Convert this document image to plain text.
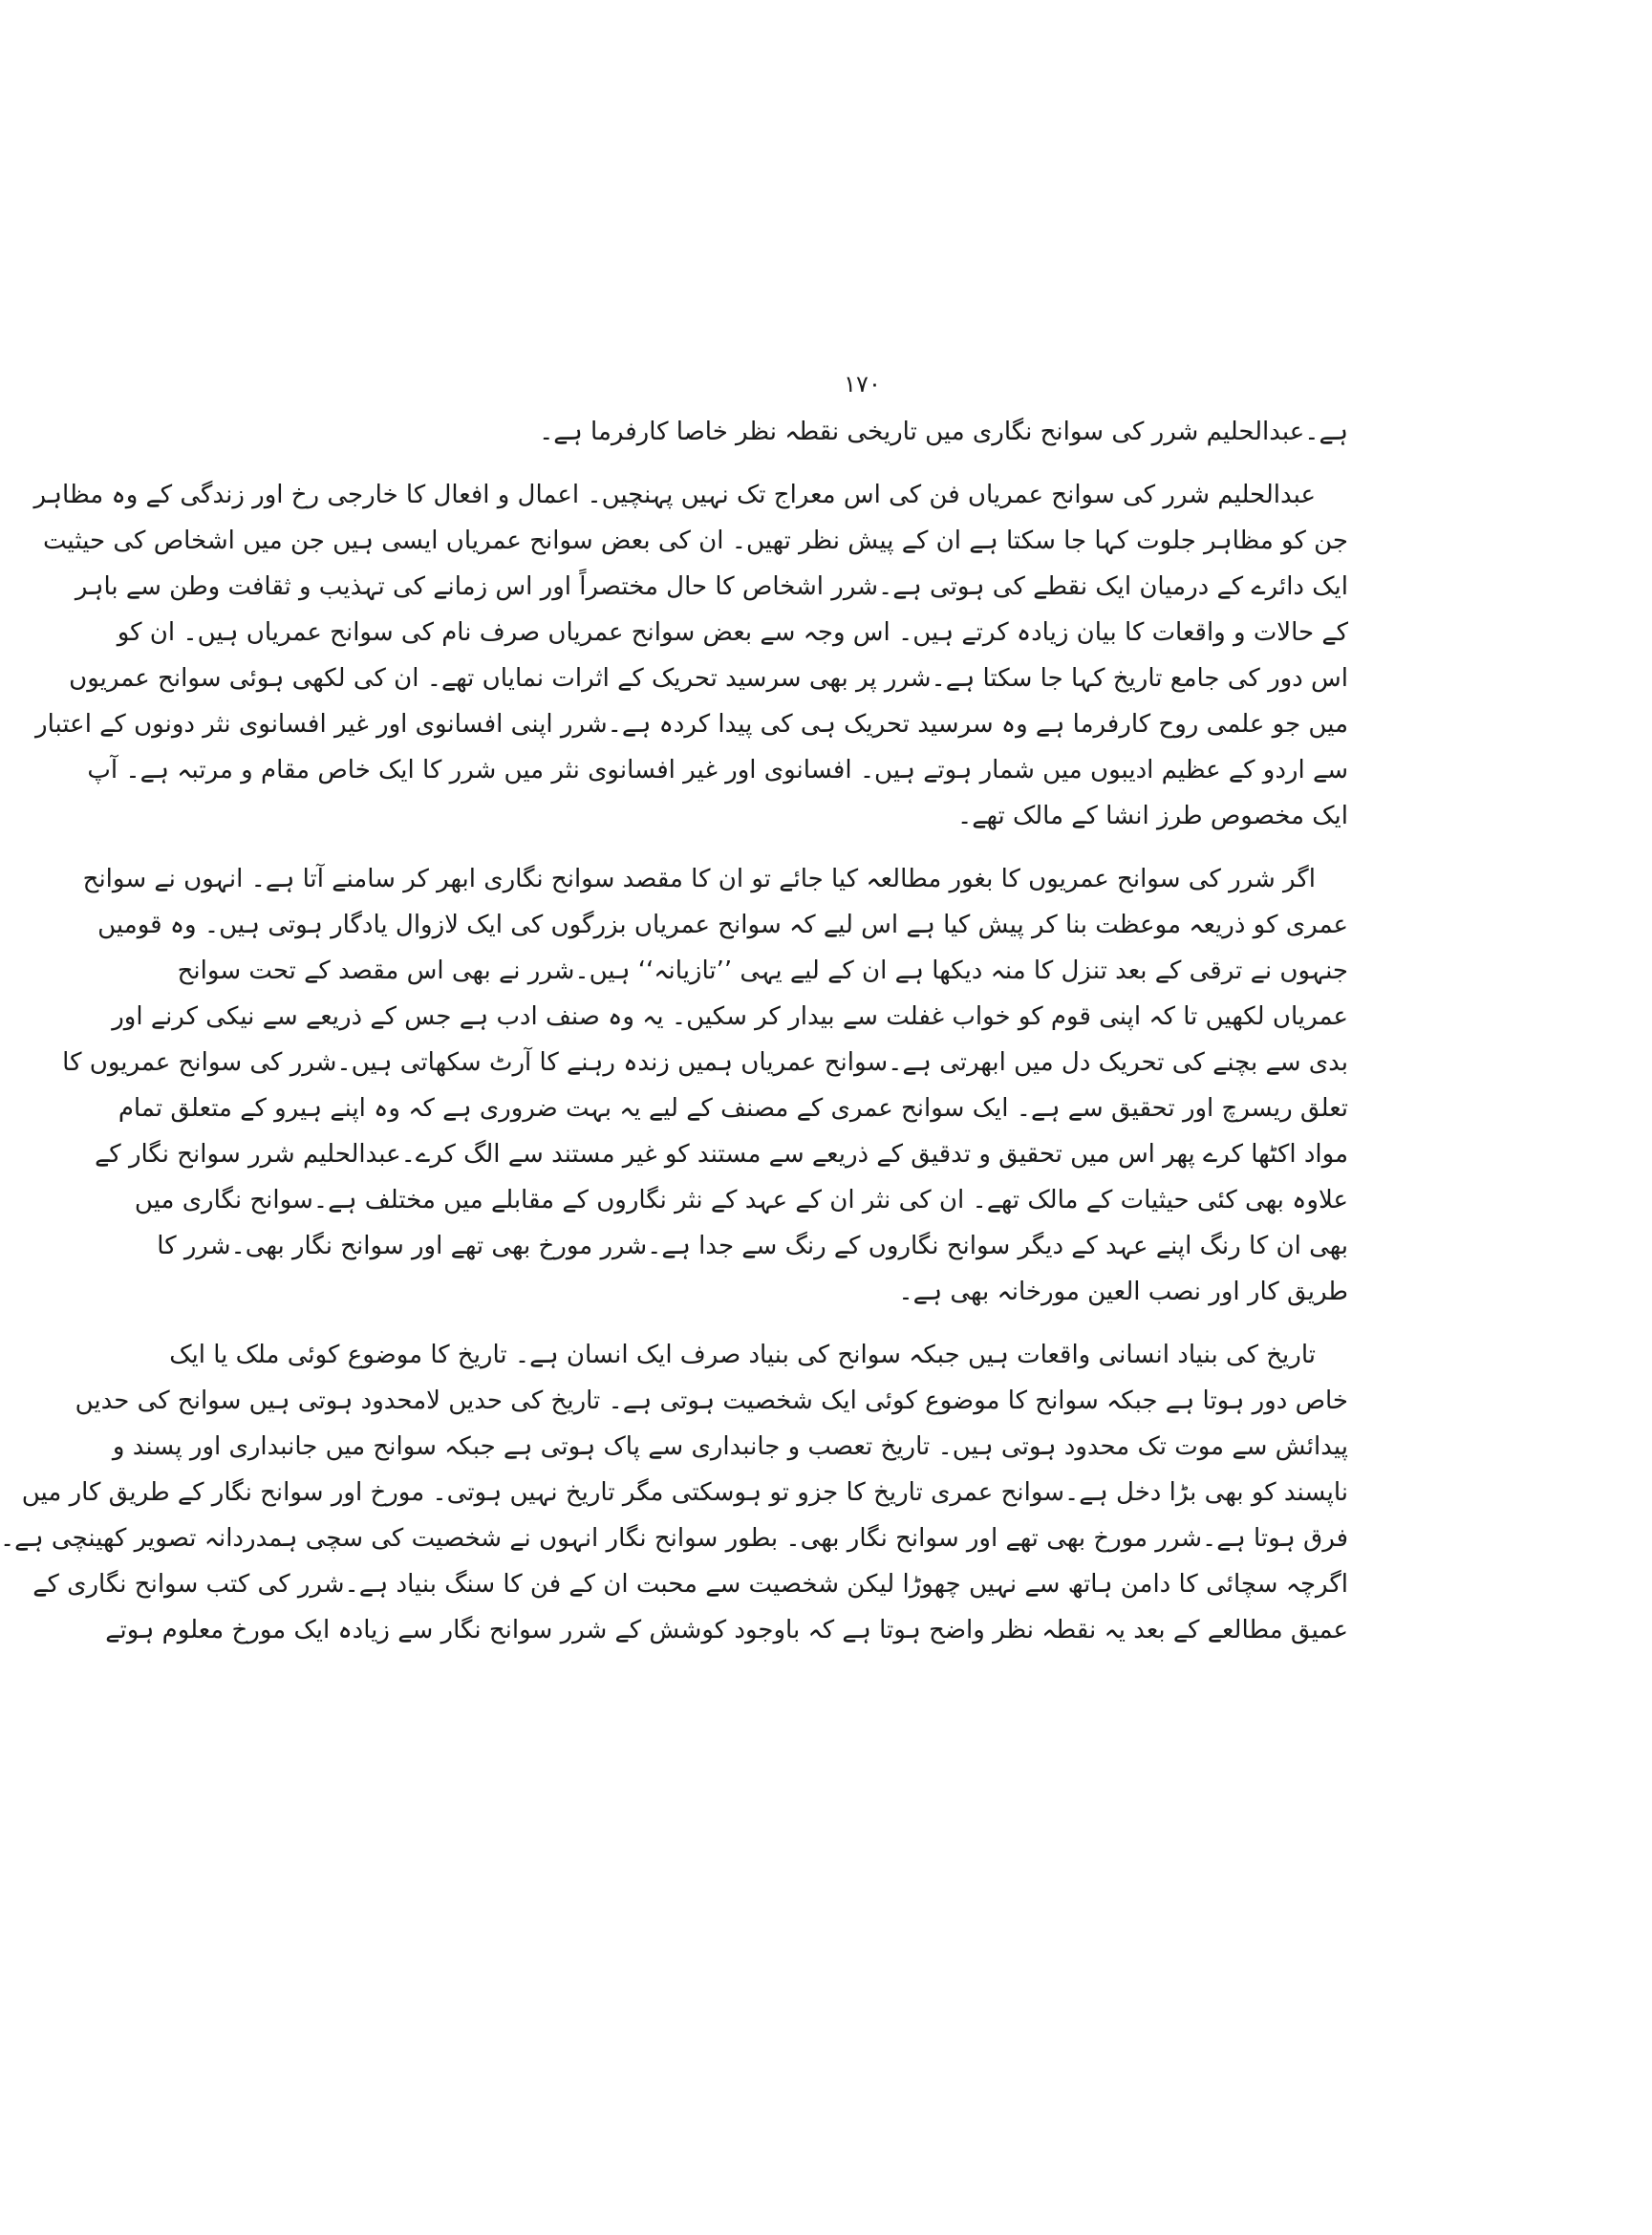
۱۷۰
ہے۔عبدالحلیم شرر کی سوانح نگاری میں تاریخی نقطہ نظر خاصا کارفرما ہے۔
عبدالحلیم شرر کی سوانح عمریاں فن کی اس معراج تک نہیں پہنچیں۔ اعمال و افعال کا خارجی رخ اور زندگی کے وہ مظاہر
جن کو مظاہر جلوت کہا جا سکتا ہے ان کے پیش نظر تھیں۔ ان کی بعض سوانح عمریاں ایسی ہیں جن میں اشخاص کی حیثیت
ایک دائرے کے درمیان ایک نقطے کی ہوتی ہے۔شرر اشخاص کا حال مختصراً اور اس زمانے کی تہذیب و ثقافت وطن سے باہر
کے حالات و واقعات کا بیان زیادہ کرتے ہیں۔ اس وجہ سے بعض سوانح عمریاں صرف نام کی سوانح عمریاں ہیں۔ ان کو
اس دور کی جامع تاریخ کہا جا سکتا ہے۔شرر پر بھی سرسید تحریک کے اثرات نمایاں تھے۔ ان کی لکھی ہوئی سوانح عمریوں
میں جو علمی روح کارفرما ہے وہ سرسید تحریک ہی کی پیدا کردہ ہے۔شرر اپنی افسانوی اور غیر افسانوی نثر دونوں کے اعتبار
سے اردو کے عظیم ادیبوں میں شمار ہوتے ہیں۔ افسانوی اور غیر افسانوی نثر میں شرر کا ایک خاص مقام و مرتبہ ہے۔ آپ
ایک مخصوص طرز انشا کے مالک تھے۔
اگر شرر کی سوانح عمریوں کا بغور مطالعہ کیا جائے تو ان کا مقصد سوانح نگاری ابھر کر سامنے آتا ہے۔ انہوں نے سوانح
عمری کو ذریعہ موعظت بنا کر پیش کیا ہے اس لیے کہ سوانح عمریاں بزرگوں کی ایک لازوال یادگار ہوتی ہیں۔ وہ قومیں
جنہوں نے ترقی کے بعد تنزل کا منہ دیکھا ہے ان کے لیے یہی ’’تازیانہ‘‘ ہیں۔شرر نے بھی اس مقصد کے تحت سوانح
عمریاں لکھیں تا کہ اپنی قوم کو خواب غفلت سے بیدار کر سکیں۔ یہ وہ صنف ادب ہے جس کے ذریعے سے نیکی کرنے اور
بدی سے بچنے کی تحریک دل میں ابھرتی ہے۔سوانح عمریاں ہمیں زندہ رہنے کا آرٹ سکھاتی ہیں۔شرر کی سوانح عمریوں کا
تعلق ریسرچ اور تحقیق سے ہے۔ ایک سوانح عمری کے مصنف کے لیے یہ بہت ضروری ہے کہ وہ اپنے ہیرو کے متعلق تمام
مواد اکٹھا کرے پھر اس میں تحقیق و تدقیق کے ذریعے سے مستند کو غیر مستند سے الگ کرے۔عبدالحلیم شرر سوانح نگار کے
علاوہ بھی کئی حیثیات کے مالک تھے۔ ان کی نثر ان کے عہد کے نثر نگاروں کے مقابلے میں مختلف ہے۔سوانح نگاری میں
بھی ان کا رنگ اپنے عہد کے دیگر سوانح نگاروں کے رنگ سے جدا ہے۔شرر مورخ بھی تھے اور سوانح نگار بھی۔شرر کا
طریق کار اور نصب العین مورخانہ بھی ہے۔
تاریخ کی بنیاد انسانی واقعات ہیں جبکہ سوانح کی بنیاد صرف ایک انسان ہے۔ تاریخ کا موضوع کوئی ملک یا ایک
خاص دور ہوتا ہے جبکہ سوانح کا موضوع کوئی ایک شخصیت ہوتی ہے۔ تاریخ کی حدیں لامحدود ہوتی ہیں سوانح کی حدیں
پیدائش سے موت تک محدود ہوتی ہیں۔ تاریخ تعصب و جانبداری سے پاک ہوتی ہے جبکہ سوانح میں جانبداری اور پسند و
ناپسند کو بھی بڑا دخل ہے۔سوانح عمری تاریخ کا جزو تو ہوسکتی مگر تاریخ نہیں ہوتی۔ مورخ اور سوانح نگار کے طریق کار میں
فرق ہوتا ہے۔شرر مورخ بھی تھے اور سوانح نگار بھی۔ بطور سوانح نگار انہوں نے شخصیت کی سچی ہمدردانہ تصویر کھینچی ہے۔
اگرچہ سچائی کا دامن ہاتھ سے نہیں چھوڑا لیکن شخصیت سے محبت ان کے فن کا سنگ بنیاد ہے۔شرر کی کتب سوانح نگاری کے
عمیق مطالعے کے بعد یہ نقطہ نظر واضح ہوتا ہے کہ باوجود کوشش کے شرر سوانح نگار سے زیادہ ایک مورخ معلوم ہوتے
